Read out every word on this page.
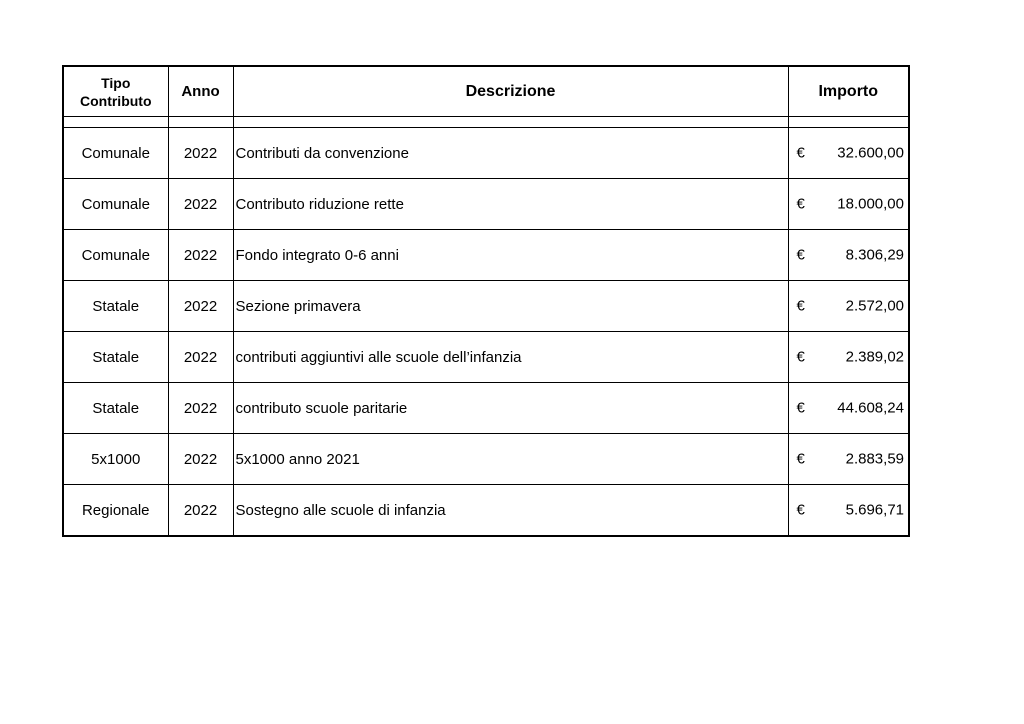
Tipo Contributo	Anno	Descrizione	Importo

Comunale	2022	Contributi da convenzione	€ 32.600,00

Comunale	2022	Contributo riduzione rette	€ 18.000,00

Comunale	2022	Fondo integrato 0-6 anni	€ 8.306,29

Statale	2022	Sezione primavera	€ 2.572,00

Statale	2022	contributi aggiuntivi alle scuole dell’infanzia	€ 2.389,02

Statale	2022	contributo scuole paritarie	€ 44.608,24

5x1000	2022	5x1000 anno 2021	€ 2.883,59

Regionale	2022	Sostegno alle scuole di infanzia	€ 5.696,71
